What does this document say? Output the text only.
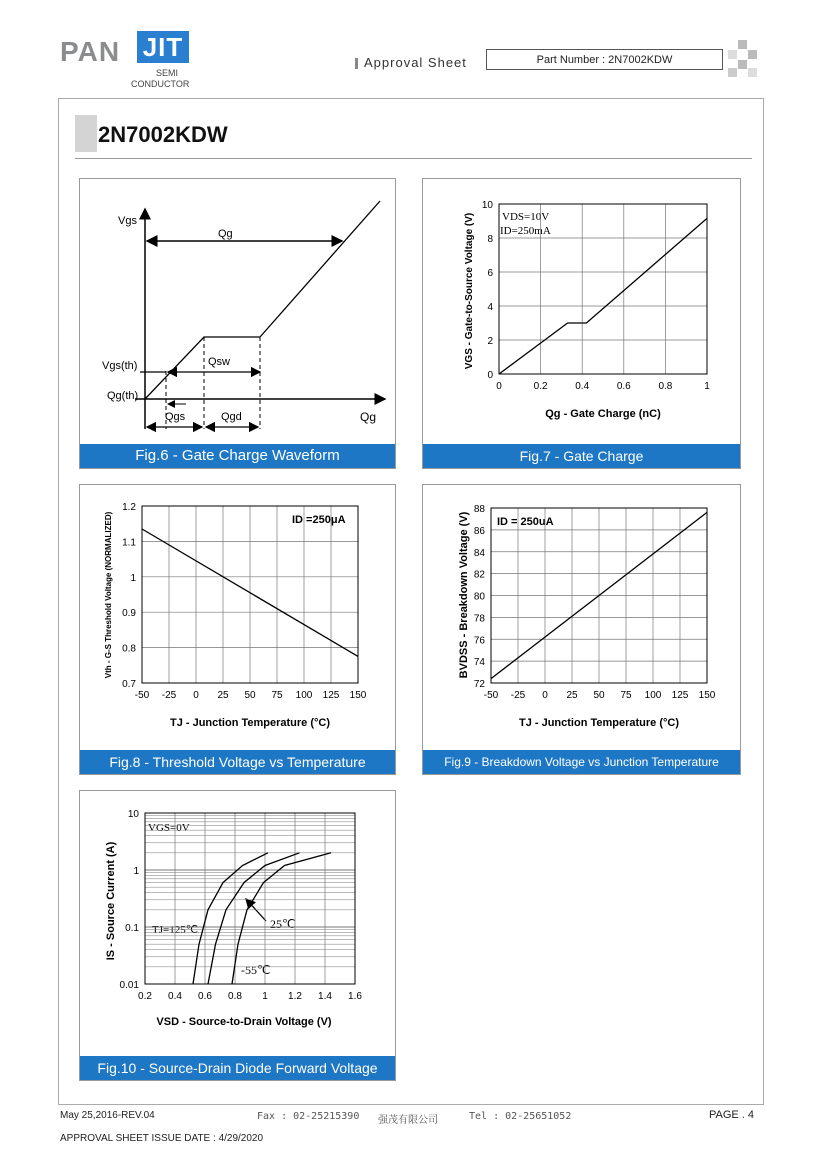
PAN JIT
SEMI
CONDUCTOR
Approval Sheet	Part Number : 2N7002KDW
2N7002KDW
Vgs
Qg
Qsw
Vgs(th)
Qg(th)
Qgs	Qgd	Qg
Fig.6 - Gate Charge Waveform
VGS - Gate-to-Source Voltage (V)
Qg - Gate Charge (nC)
VDS=10V
ID=250mA
0	0.2	0.4	0.6	0.8	1
0
2
4
6
8
10
Fig.7 - Gate Charge
Vth - G-S Threshold Voltage (NORMALIZED)
TJ - Junction Temperature (°C)
ID =250μA
-50 -25 0 25 50 75 100 125 150
0.7
0.8
0.9
1
1.1
1.2
Fig.8 - Threshold Voltage vs Temperature
BVDSS - Breakdown Voltage (V)
TJ - Junction Temperature (°C)
ID = 250uA
-50 -25 0 25 50 75 100 125 150
72
74
76
78
80
82
84
86
88
Fig.9 - Breakdown Voltage vs Junction Temperature
IS - Source Current (A)
VSD - Source-to-Drain Voltage (V)
VGS=0V
TJ=125℃	25℃
-55℃
0.2 0.4 0.6 0.8 1 1.2 1.4 1.6
0.01
0.1
1
10
Fig.10 - Source-Drain Diode Forward Voltage
May 25,2016-REV.04
APPROVAL SHEET ISSUE DATE : 4/29/2020
Fax : 02-25215390 强茂有限公司	Tel : 02-25651052	PAGE . 4
